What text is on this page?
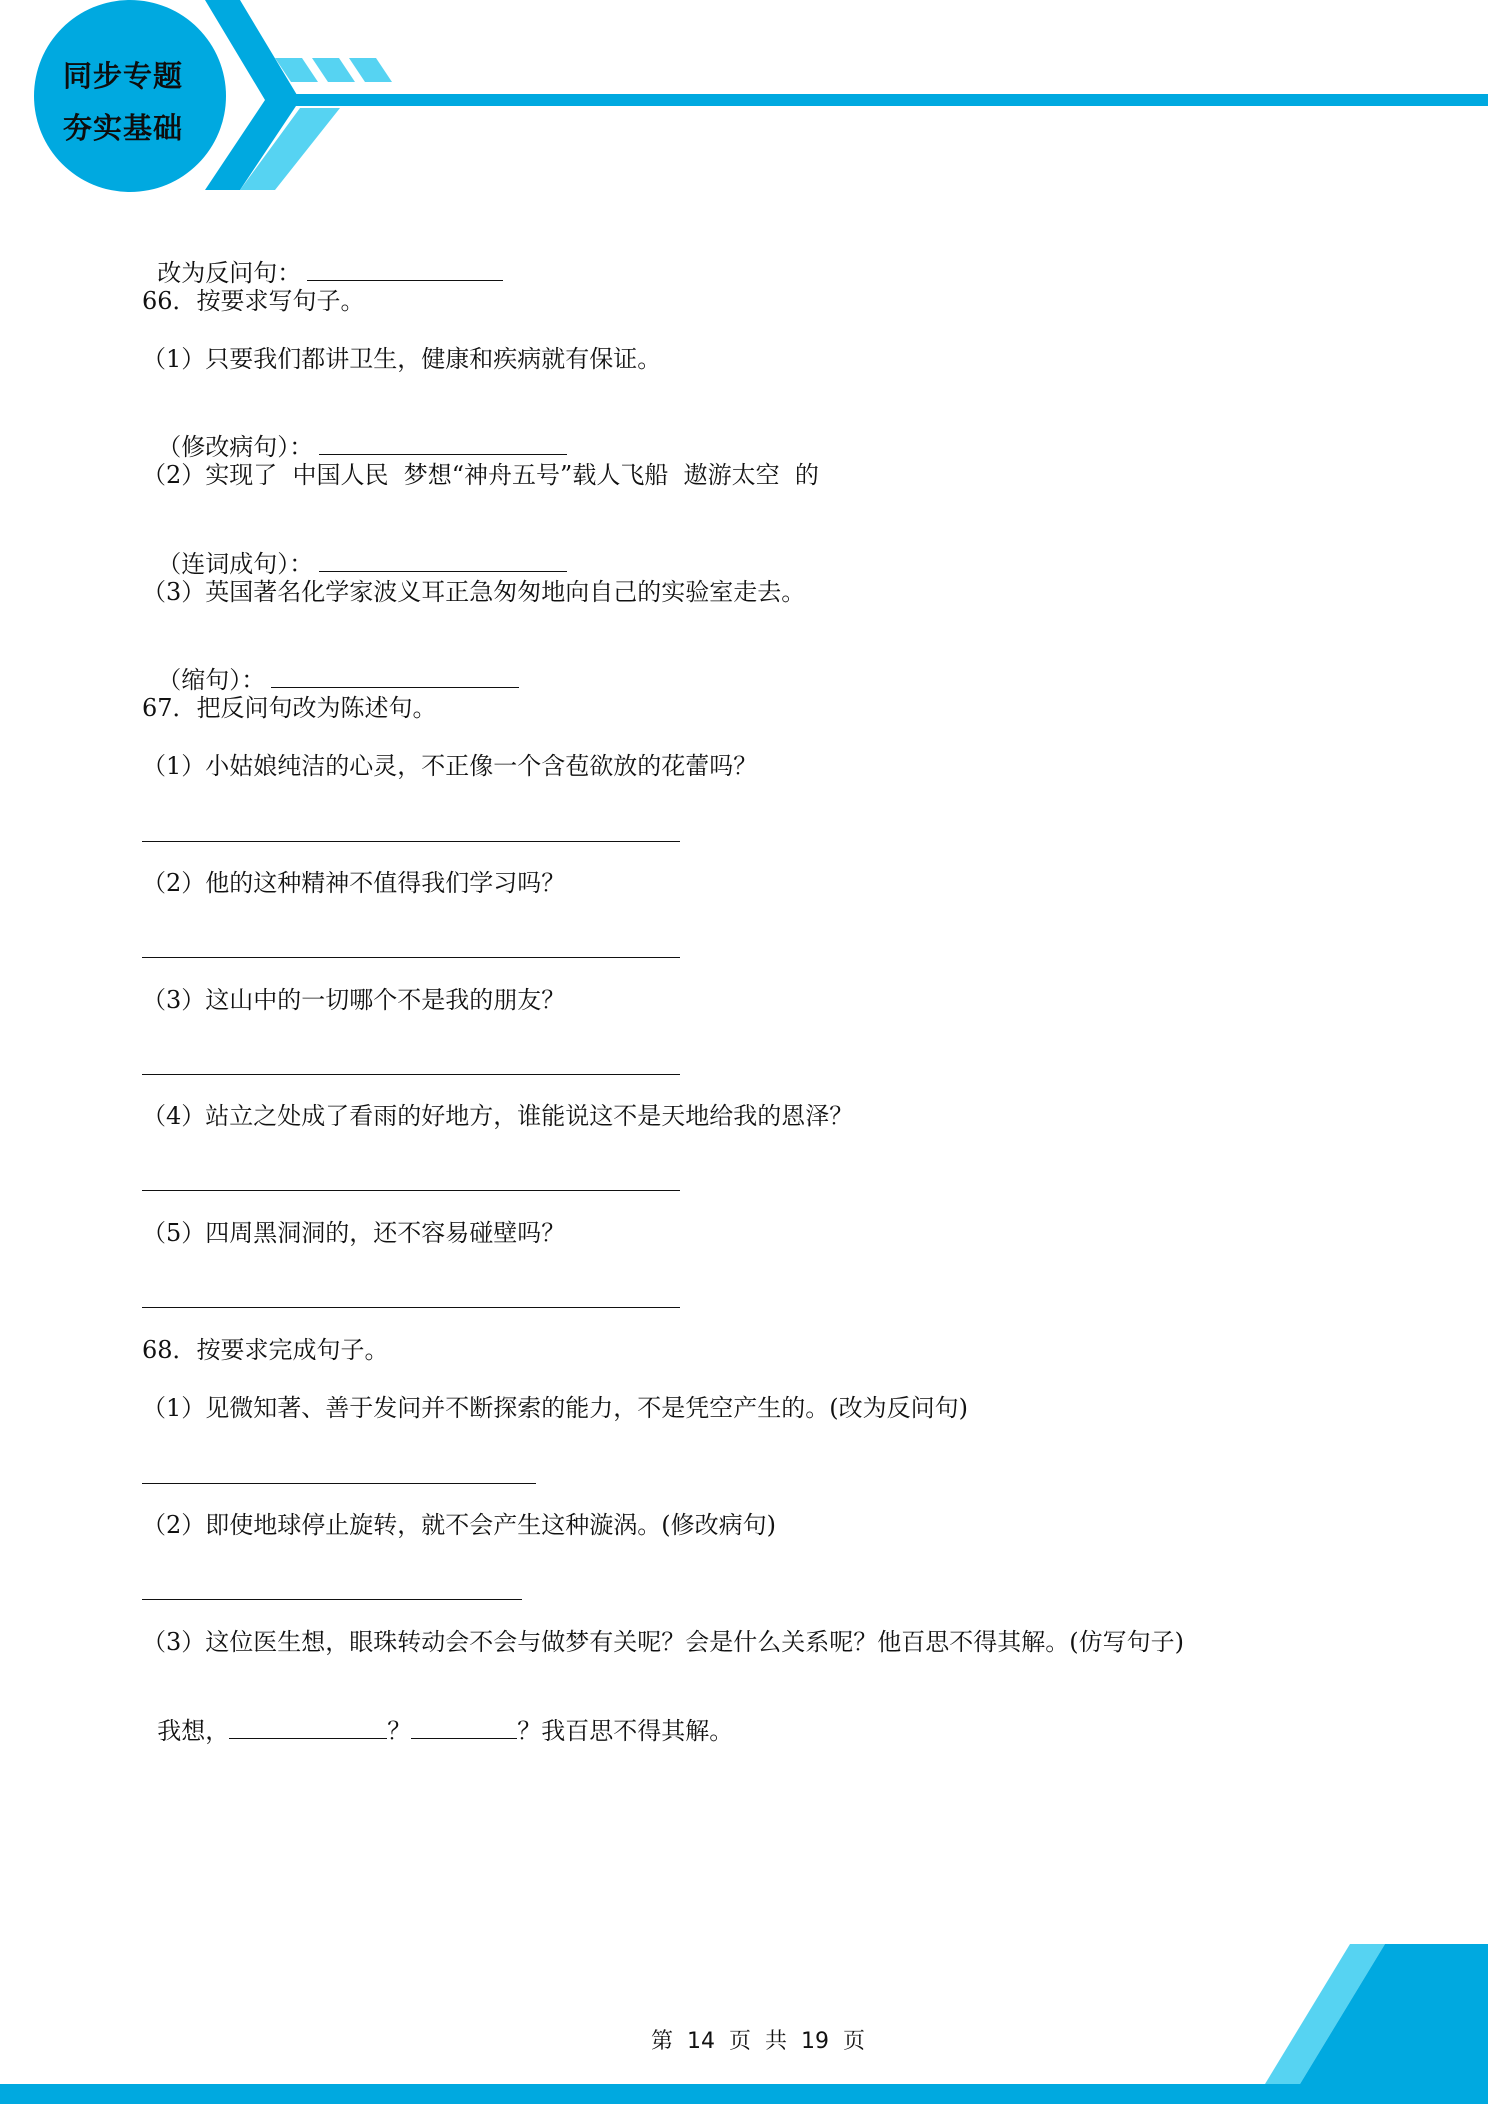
同步专题
夯实基础

改为反问句：

66．按要求写句子。
（1）只要我们都讲卫生，健康和疾病就有保证。

（修改病句）：

（2）实现了  中国人民  梦想“神舟五号”载人飞船  遨游太空  的

（连词成句）：

（3）英国著名化学家波义耳正急匆匆地向自己的实验室走去。

（缩句）：

67．把反问句改为陈述句。
（1）小姑娘纯洁的心灵，不正像一个含苞欲放的花蕾吗？
（2）他的这种精神不值得我们学习吗？
（3）这山中的一切哪个不是我的朋友？
（4）站立之处成了看雨的好地方，谁能说这不是天地给我的恩泽？
（5）四周黑洞洞的，还不容易碰壁吗？
68．按要求完成句子。
（1）见微知著、善于发问并不断探索的能力，不是凭空产生的。(改为反问句)
（2）即使地球停止旋转，就不会产生这种漩涡。(修改病句)
（3）这位医生想，眼珠转动会不会与做梦有关呢？会是什么关系呢？他百思不得其解。(仿写句子)

我想，	？	？我百思不得其解。

第  14  页  共  19  页
